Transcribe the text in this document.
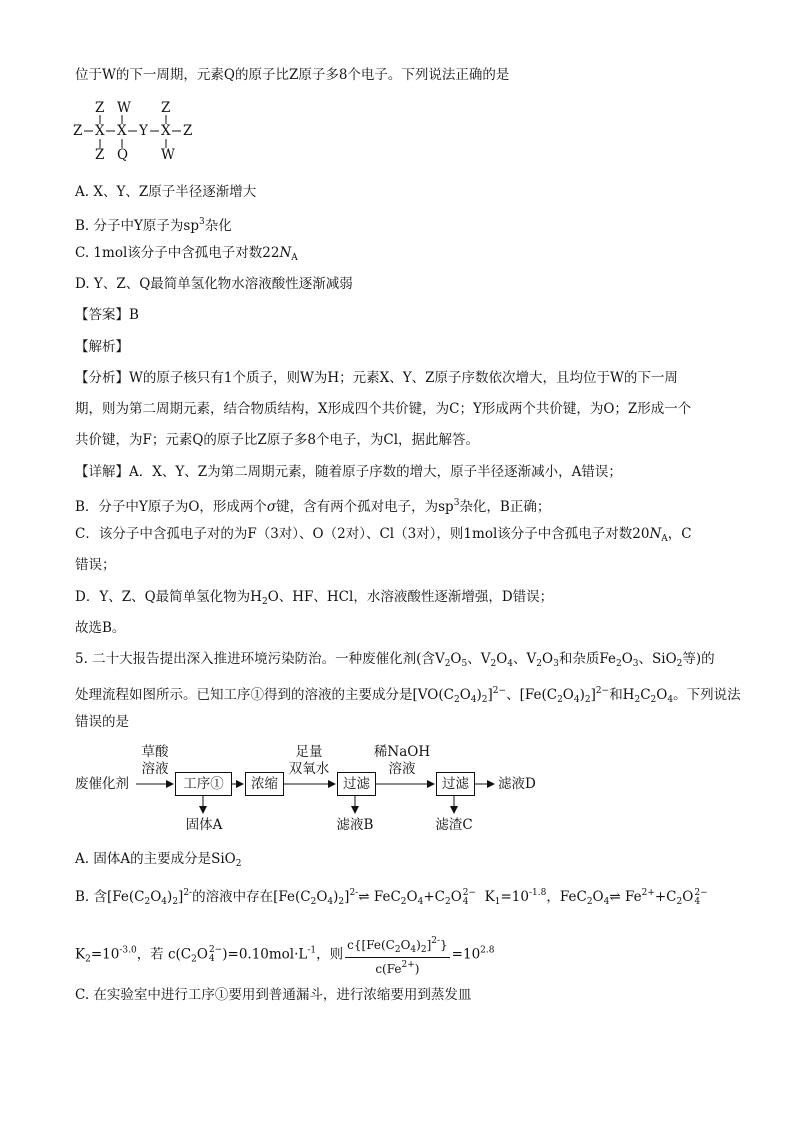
位于W的下一周期，元素Q的原子比Z原子多8个电子。下列说法正确的是
Z W Z
Z X X Y X Z
Z Q W
A. X、Y、Z原子半径逐渐增大
B. 分子中Y原子为$sp^3$杂化
C. 1mol该分子中含孤电子对数$22N_A$
D. Y、Z、Q最简单氢化物水溶液酸性逐渐减弱
【答案】B
【解析】
【分析】W的原子核只有1个质子，则W为H；元素X、Y、Z原子序数依次增大，且均位于W的下一周
期，则为第二周期元素，结合物质结构，X形成四个共价键，为C；Y形成两个共价键，为O；Z形成一个
共价键，为F；元素Q的原子比Z原子多8个电子，为Cl，据此解答。
【详解】A．X、Y、Z为第二周期元素，随着原子序数的增大，原子半径逐渐减小，A错误；
B．分子中Y原子为O，形成两个σ键，含有两个孤对电子，为$sp^3$杂化，B正确；
C．该分子中含孤电子对的为F（3对）、O（2对）、Cl（3对），则1mol该分子中含孤电子对数$20N_A$，C
错误；
D．Y、Z、Q最简单氢化物为$H_2O$、HF、HCl，水溶液酸性逐渐增强，D错误；
故选B。
5. 二十大报告提出深入推进环境污染防治。一种废催化剂(含$V_2O_5$、$V_2O_4$、$V_2O_3$和杂质$Fe_2O_3$、SiO$_2$等)的
处理流程如图所示。已知工序①得到的溶液的主要成分是$[VO(C_2O_4)_2]^{2-}$、$[Fe(C_2O_4)_2]^{2-}$和$H_2C_2O_4$。下列说法
错误的是
废催化剂
草酸
溶液
工序①
固体A
浓缩
足量
双氧水
过滤
滤液B
稀NaOH
溶液
过滤
滤渣C
滤液D
A. 固体A的主要成分是SiO$_2$
B. 含$[Fe(C_2O_4)_2]^{2-}$的溶液中存在$[Fe(C_2O_4)_2]^{2-}\rightleftharpoons$ $FeC_2O_4+C_2O$ 2−
4	$K_1=10^{-1.8}$，$FeC_2O_4\rightleftharpoons$ $Fe^{2+}+C_2O$ 2−
4
$K_2=10^{-3.0}$，若 $c(C_2O$ 2−
4 )$=0.10mol\cdot L^{-1}$，则 $\frac{c\{[Fe(C_2O_4)_2]^{2-}\}}{c(Fe^{2+})} =10^{2.8}$
C. 在实验室中进行工序①要用到普通漏斗，进行浓缩要用到蒸发皿
